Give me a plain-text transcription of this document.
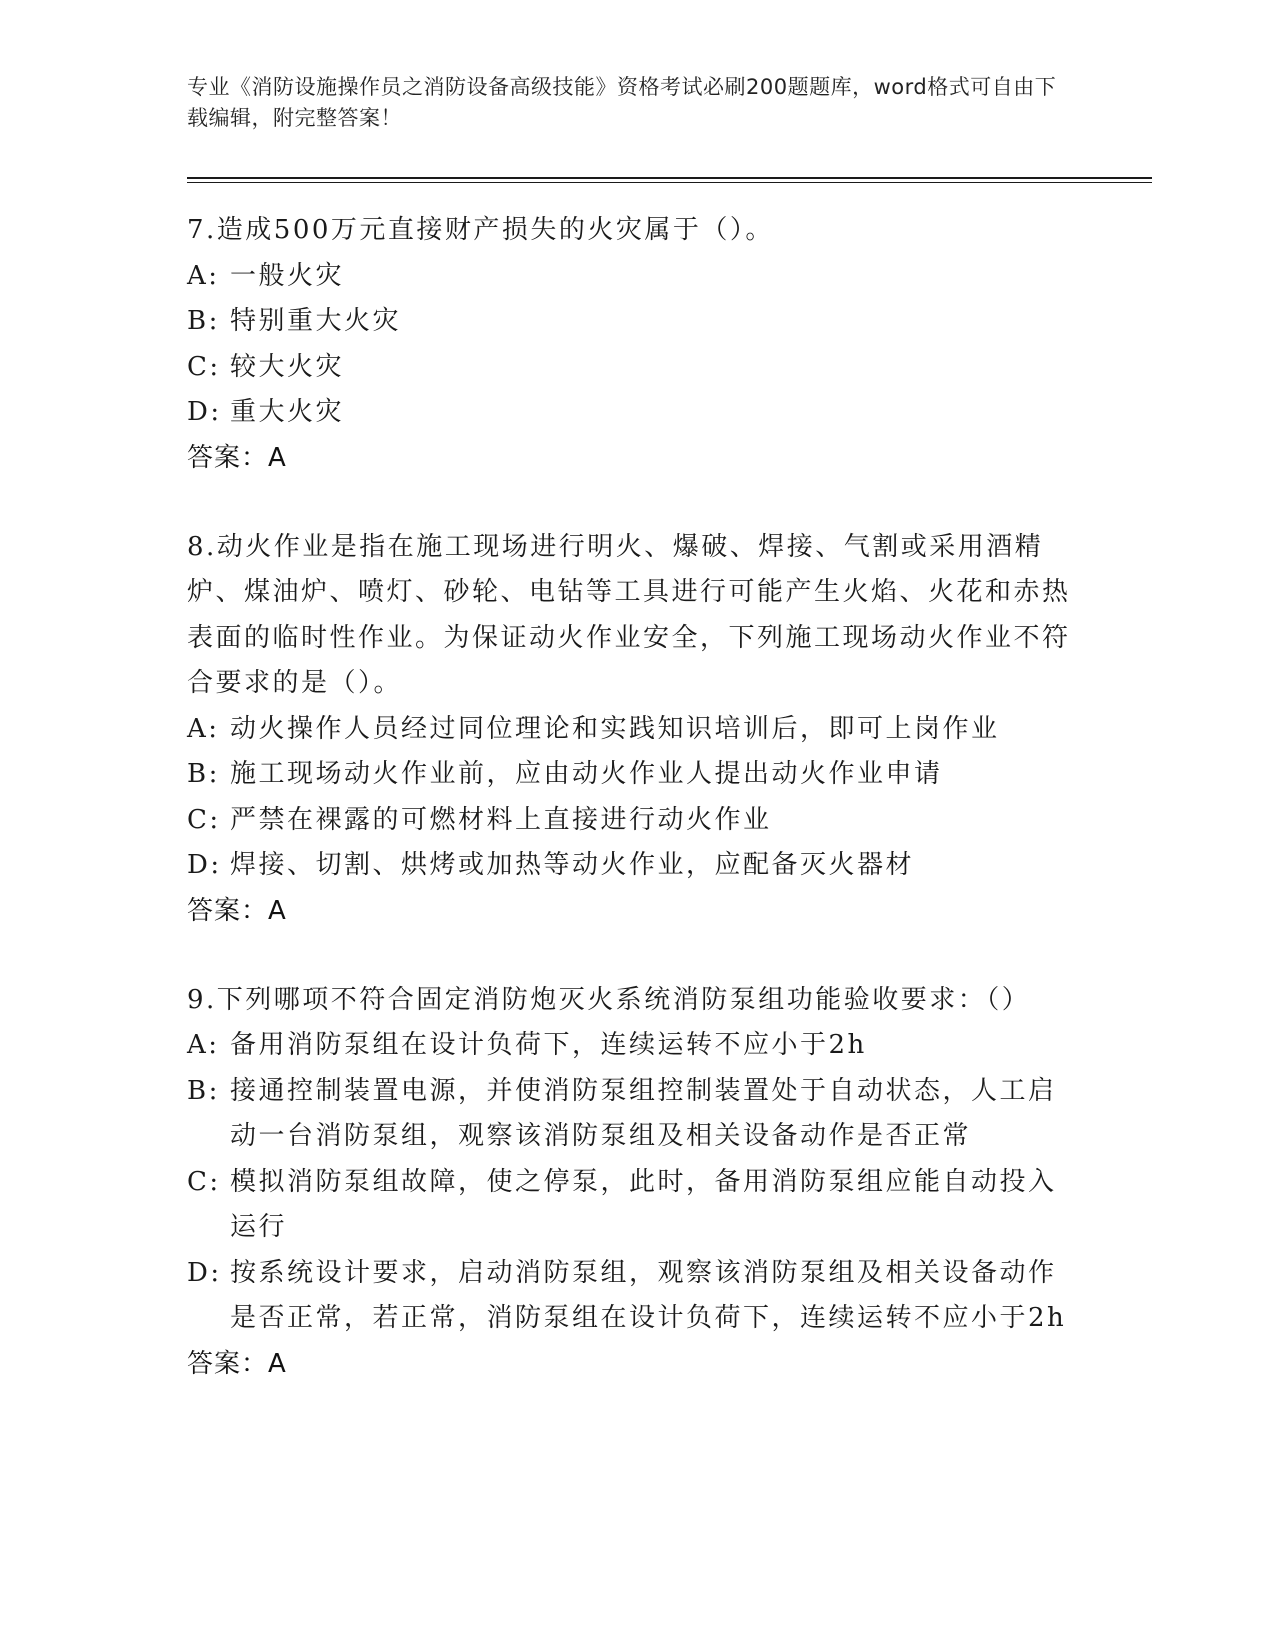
专业《消防设施操作员之消防设备高级技能》资格考试必刷200题题库，word格式可自由下载编辑，附完整答案！

7.造成500万元直接财产损失的火灾属于（）。

A: 一般火灾
B: 特别重大火灾
C: 较大火灾
D: 重大火灾
答案：A

8.动火作业是指在施工现场进行明火、爆破、焊接、气割或采用酒精炉、煤油炉、喷灯、砂轮、电钻等工具进行可能产生火焰、火花和赤热表面的临时性作业。为保证动火作业安全，下列施工现场动火作业不符合要求的是（）。

A: 动火操作人员经过同位理论和实践知识培训后，即可上岗作业
B: 施工现场动火作业前，应由动火作业人提出动火作业申请
C: 严禁在裸露的可燃材料上直接进行动火作业
D: 焊接、切割、烘烤或加热等动火作业，应配备灭火器材
答案：A

9.下列哪项不符合固定消防炮灭火系统消防泵组功能验收要求：（）

A: 备用消防泵组在设计负荷下，连续运转不应小于2h
B: 接通控制装置电源，并使消防泵组控制装置处于自动状态，人工启动一台消防泵组，观察该消防泵组及相关设备动作是否正常
C: 模拟消防泵组故障，使之停泵，此时，备用消防泵组应能自动投入运行
D: 按系统设计要求，启动消防泵组，观察该消防泵组及相关设备动作是否正常，若正常，消防泵组在设计负荷下，连续运转不应小于2h
答案：A
